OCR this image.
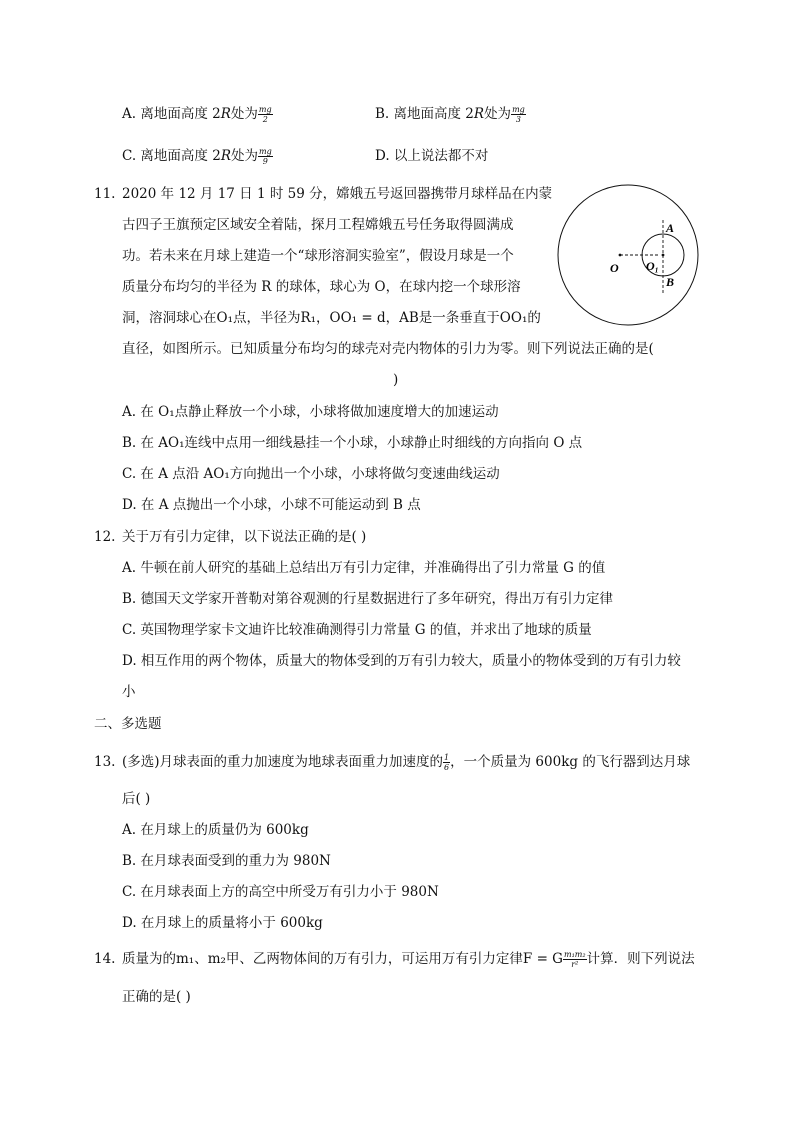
A. 离地面高度 2R处为 $\frac{mg}{2}$	B. 离地面高度 2R处为 $\frac{mg}{3}$
C. 离地面高度 2R处为 $\frac{mg}{9}$	D. 以上说法都不对
11. 2020 年 12 月 17 日 1 时 59 分，嫦娥五号返回器携带月球样品在内蒙
古四子王旗预定区域安全着陆，探月工程嫦娥五号任务取得圆满成
功。若未来在月球上建造一个“球形溶洞实验室”，假设月球是一个
质量分布均匀的半径为 R 的球体，球心为 O，在球内挖一个球形溶
洞，溶洞球心在O₁点，半径为R₁，OO₁ = d，AB是一条垂直于OO₁的
直径，如图所示。已知质量分布均匀的球壳对壳内物体的引力为零。则下列说法正确的是(
)
O O₁
A
B
A. 在 O₁点静止释放一个小球，小球将做加速度增大的加速运动
B. 在 AO₁连线中点用一细线悬挂一个小球，小球静止时细线的方向指向 O 点
C. 在 A 点沿 AO₁方向抛出一个小球，小球将做匀变速曲线运动
D. 在 A 点抛出一个小球，小球不可能运动到 B 点
12. 关于万有引力定律，以下说法正确的是( )
A. 牛顿在前人研究的基础上总结出万有引力定律，并准确得出了引力常量 G 的值
B. 德国天文学家开普勒对第谷观测的行星数据进行了多年研究，得出万有引力定律
C. 英国物理学家卡文迪许比较准确测得引力常量 G 的值，并求出了地球的质量
D. 相互作用的两个物体，质量大的物体受到的万有引力较大，质量小的物体受到的万有引力较
小
二、多选题
13. (多选)月球表面的重力加速度为地球表面重力加速度的 $\frac{1}{6}$ ，一个质量为 600kg 的飞行器到达月球
后( )
A. 在月球上的质量仍为 600kg
B. 在月球表面受到的重力为 980N
C. 在月球表面上方的高空中所受万有引力小于 980N
D. 在月球上的质量将小于 600kg
14. 质量为的m₁、m₂甲、乙两物体间的万有引力，可运用万有引力定律F = G $\frac{\text{m₁m₂}}{\text{r²}}$ 计算．则下列说法
正确的是( )
